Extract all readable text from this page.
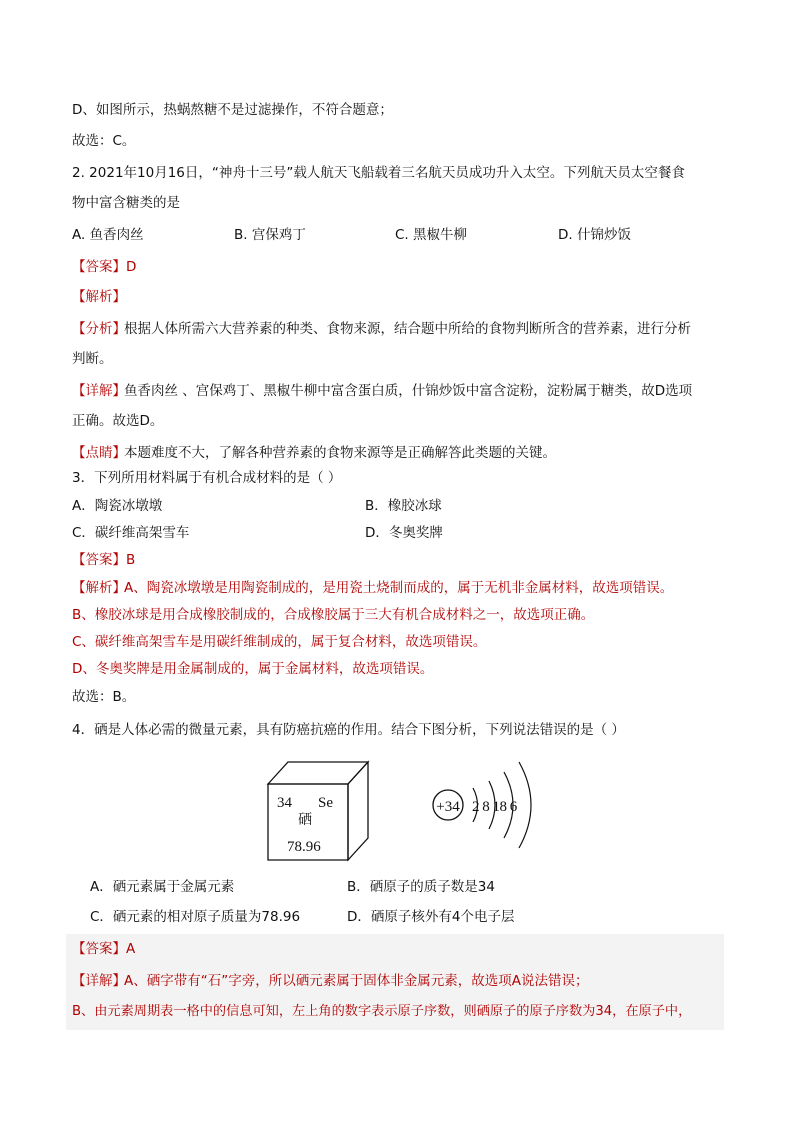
D、如图所示，热蜗熬糖不是过滤操作，不符合题意；
故选：C。
2. 2021年10月16日，“神舟十三号”载人航天飞船载着三名航天员成功升入太空。下列航天员太空餐食
物中富含糖类的是
A. 鱼香肉丝	B. 宫保鸡丁	C. 黑椒牛柳	D. 什锦炒饭
【答案】D
【解析】
【分析】
根据人体所需六大营养素的种类、食物来源，结合题中所给的食物判断所含的营养素，进行分析
判断。
【详解】
鱼香肉丝 、宫保鸡丁、黑椒牛柳中富含蛋白质，什锦炒饭中富含淀粉，淀粉属于糖类，故D选项
正确。故选D。
【点睛】
本题难度不大，了解各种营养素的食物来源等是正确解答此类题的关键。
3．下列所用材料属于有机合成材料的是（ ）
A．陶瓷冰墩墩	B．橡胶冰球
C．碳纤维高架雪车	D．冬奥奖牌
【答案】B
【解析】
A、陶瓷冰墩墩是用陶瓷制成的，是用瓷土烧制而成的，属于无机非金属材料，故选项错误。
B、橡胶冰球是用合成橡胶制成的，合成橡胶属于三大有机合成材料之一，故选项正确。
C、碳纤维高架雪车是用碳纤维制成的，属于复合材料，故选项错误。
D、冬奥奖牌是用金属制成的，属于金属材料，故选项错误。
故选：B。
4．硒是人体必需的微量元素，具有防癌抗癌的作用。结合下图分析，下列说法错误的是（ ）
34 Se
硒
78.96
+34 2 8 18 6
A．硒元素属于金属元素	B．硒原子的质子数是34
C．硒元素的相对原子质量为78.96	D．硒原子核外有4个电子层
【答案】A
【详解】
A、硒字带有“石”字旁，所以硒元素属于固体非金属元素，故选项A说法错误；
B、由元素周期表一格中的信息可知，左上角的数字表示原子序数，则硒原子的原子序数为34，在原子中，
